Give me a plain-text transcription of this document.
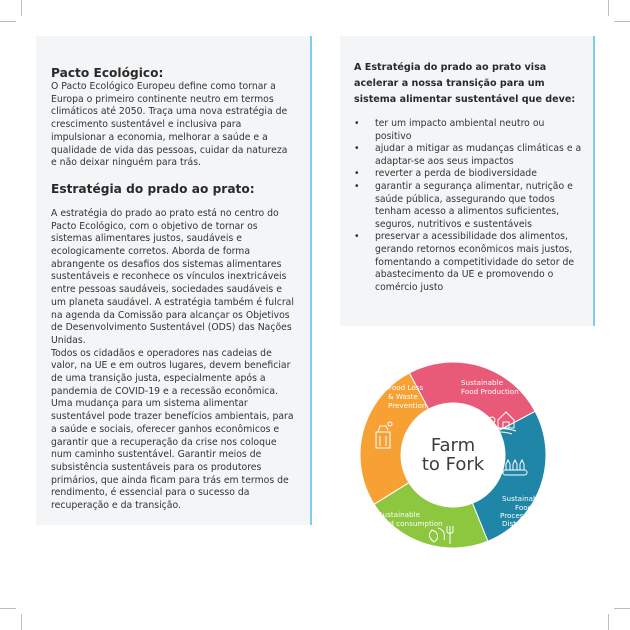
Pacto Ecológico:

O Pacto Ecológico Europeu define como tornar a Europa o primeiro continente neutro em termos climáticos até 2050. Traça uma nova estratégia de crescimento sustentável e inclusiva para impulsionar a economia, melhorar a saúde e a qualidade de vida das pessoas, cuidar da natureza e não deixar ninguém para trás.

Estratégia do prado ao prato:

A estratégia do prado ao prato está no centro do Pacto Ecológico, com o objetivo de tornar os sistemas alimentares justos, saudáveis e ecologicamente corretos. Aborda de forma abrangente os desafios dos sistemas alimentares sustentáveis e reconhece os vínculos inextricáveis entre pessoas saudáveis, sociedades saudáveis e um planeta saudável. A estratégia também é fulcral na agenda da Comissão para alcançar os Objetivos de Desenvolvimento Sustentável (ODS) das Nações Unidas.

Todos os cidadãos e operadores nas cadeias de valor, na UE e em outros lugares, devem beneficiar de uma transição justa, especialmente após a pandemia de COVID-19 e a recessão econômica. Uma mudança para um sistema alimentar sustentável pode trazer benefícios ambientais, para a saúde e sociais, oferecer ganhos econômicos e garantir que a recuperação da crise nos coloque num caminho sustentável. Garantir meios de subsistência sustentáveis para os produtores primários, que ainda ficam para trás em termos de rendimento, é essencial para o sucesso da recuperação e da transição.

A Estratégia do prado ao prato visa acelerar a nossa transição para um sistema alimentar sustentável que deve:
• ter um impacto ambiental neutro ou positivo
• ajudar a mitigar as mudanças climáticas e a adaptar-se aos seus impactos
• reverter a perda de biodiversidade
• garantir a segurança alimentar, nutrição e saúde pública, assegurando que todos tenham acesso a alimentos suficientes, seguros, nutritivos e sustentáveis
• preservar a acessibilidade dos alimentos, gerando retornos econômicos mais justos, fomentando a competitividade do setor de abastecimento da UE e promovendo o comércio justo
Farm
to Fork
Sustainable
Food Production
Sustainable
Food
Processing &
Distribution
Sustainable
food consumption
Food Loss
& Waste
Prevention
